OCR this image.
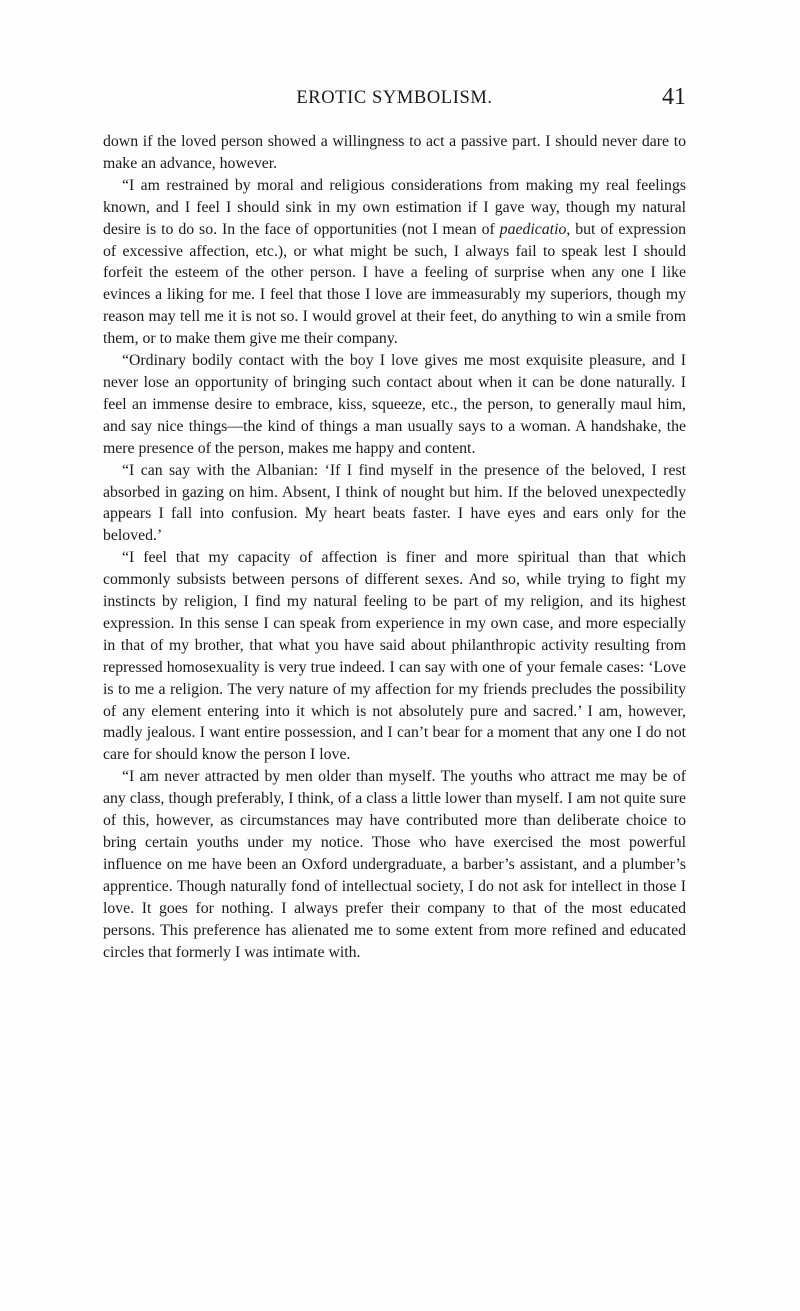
EROTIC SYMBOLISM.	41

down if the loved person showed a willingness to act a passive part. I should never dare to make an advance, however.

“I am restrained by moral and religious considerations from making my real feelings known, and I feel I should sink in my own estimation if I gave way, though my natural desire is to do so. In the face of opportunities (not I mean of paedicatio, but of expression of excessive affection, etc.), or what might be such, I always fail to speak lest I should forfeit the esteem of the other person. I have a feeling of surprise when any one I like evinces a liking for me. I feel that those I love are immeasurably my superiors, though my reason may tell me it is not so. I would grovel at their feet, do anything to win a smile from them, or to make them give me their company.

“Ordinary bodily contact with the boy I love gives me most exquisite pleasure, and I never lose an opportunity of bringing such contact about when it can be done naturally. I feel an immense desire to embrace, kiss, squeeze, etc., the person, to generally maul him, and say nice things—the kind of things a man usually says to a woman. A handshake, the mere presence of the person, makes me happy and content.

“I can say with the Albanian: ‘If I find myself in the presence of the beloved, I rest absorbed in gazing on him. Absent, I think of nought but him. If the beloved unexpectedly appears I fall into confusion. My heart beats faster. I have eyes and ears only for the beloved.’

“I feel that my capacity of affection is finer and more spiritual than that which commonly subsists between persons of different sexes. And so, while trying to fight my instincts by religion, I find my natural feeling to be part of my religion, and its highest expression. In this sense I can speak from experience in my own case, and more especially in that of my brother, that what you have said about philanthropic activity resulting from repressed homosexuality is very true indeed. I can say with one of your female cases: ‘Love is to me a religion. The very nature of my affection for my friends precludes the possibility of any element entering into it which is not absolutely pure and sacred.’ I am, however, madly jealous. I want entire possession, and I can’t bear for a moment that any one I do not care for should know the person I love.

“I am never attracted by men older than myself. The youths who attract me may be of any class, though preferably, I think, of a class a little lower than myself. I am not quite sure of this, however, as circumstances may have contributed more than deliberate choice to bring certain youths under my notice. Those who have exercised the most powerful influence on me have been an Oxford undergraduate, a barber’s assistant, and a plumber’s apprentice. Though naturally fond of intellectual society, I do not ask for intellect in those I love. It goes for nothing. I always prefer their company to that of the most educated persons. This preference has alienated me to some extent from more refined and educated circles that formerly I was intimate with.
